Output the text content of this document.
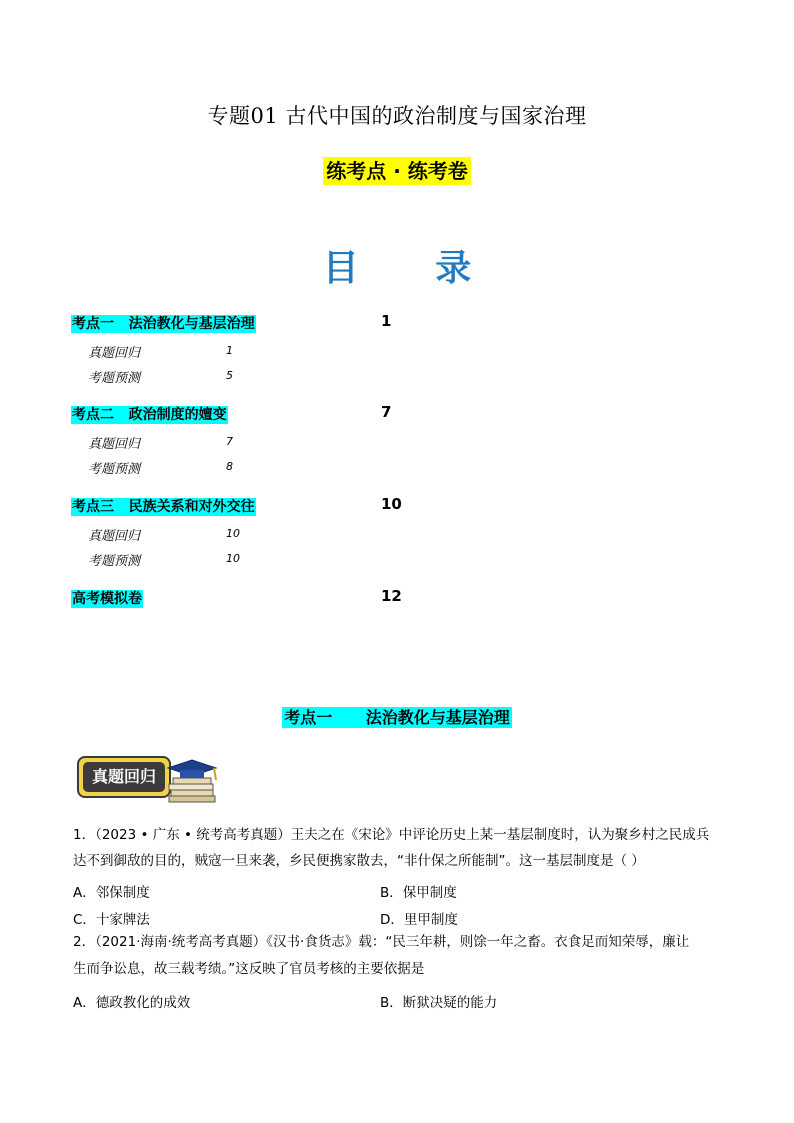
专题01 古代中国的政治制度与国家治理
练考点 · 练考卷
目 录
考点一   法治教化与基层治理	1
真题回归	1
考题预测	5
考点二   政治制度的嬗变	7
真题回归	7
考题预测	8
考点三   民族关系和对外交往	10
真题回归	10
考题预测	10
高考模拟卷	12
考点一      法治教化与基层治理
真题回归
1．（2023 • 广东 • 统考高考真题）王夫之在《宋论》中评论历史上某一基层制度时，认为聚乡村之民成兵
达不到御敌的目的，贼寇一旦来袭，乡民便携家散去，“非什保之所能制”。这一基层制度是（ ）
A．邻保制度	B．保甲制度
C．十家牌法	D．里甲制度
2．（2021·海南·统考高考真题）《汉书·食货志》载：“民三年耕，则馀一年之畜。衣食足而知荣辱，廉让
生而争讼息，故三载考绩。”这反映了官员考核的主要依据是
A．德政教化的成效	B．断狱决疑的能力
